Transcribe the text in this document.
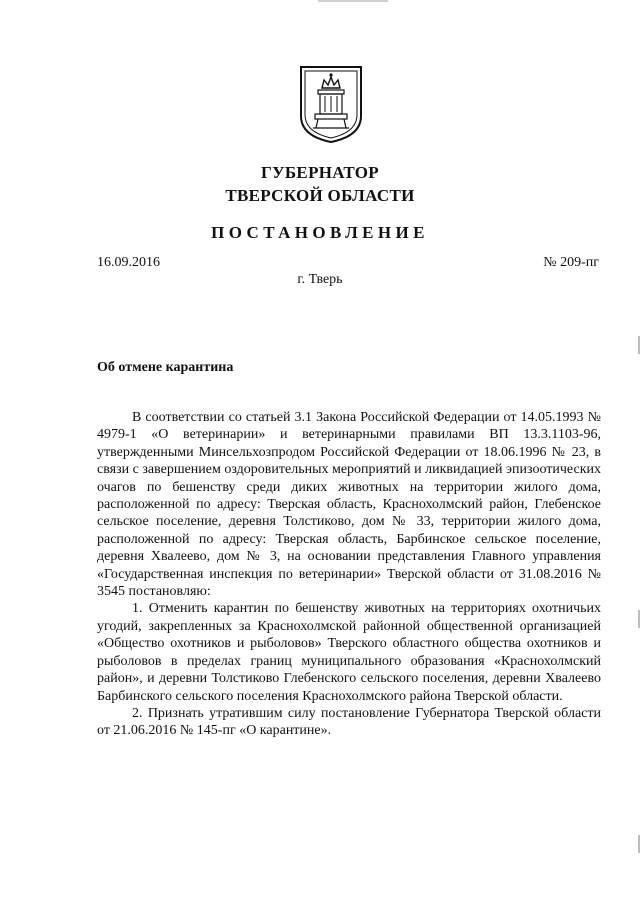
ГУБЕРНАТОР
ТВЕРСКОЙ ОБЛАСТИ
ПОСТАНОВЛЕНИЕ
16.09.2016	№ 209-пг
г. Тверь
Об отмене карантина

В соответствии со статьей 3.1 Закона Российской Федерации от 14.05.1993 № 4979-1 «О ветеринарии» и ветеринарными правилами ВП 13.3.1103-96, утвержденными Минсельхозпродом Российской Федерации от 18.06.1996 № 23, в связи с завершением оздоровительных мероприятий и ликвидацией эпизоотических очагов по бешенству среди диких животных на территории жилого дома, расположенной по адресу: Тверская область, Краснохолмский район, Глебенское сельское поселение, деревня Толстиково, дом № 33, территории жилого дома, расположенной по адресу: Тверская область, Барбинское сельское поселение, деревня Хвалеево, дом № 3, на основании представления Главного управления «Государственная инспекция по ветеринарии» Тверской области от 31.08.2016 № 3545 постановляю:

1. Отменить карантин по бешенству животных на территориях охотничьих угодий, закрепленных за Краснохолмской районной общественной организацией «Общество охотников и рыболовов» Тверского областного общества охотников и рыболовов в пределах границ муниципального образования «Краснохолмский район», и деревни Толстиково Глебенского сельского поселения, деревни Хвалеево Барбинского сельского поселения Краснохолмского района Тверской области.

2. Признать утратившим силу постановление Губернатора Тверской области от 21.06.2016 № 145-пг «О карантине».
